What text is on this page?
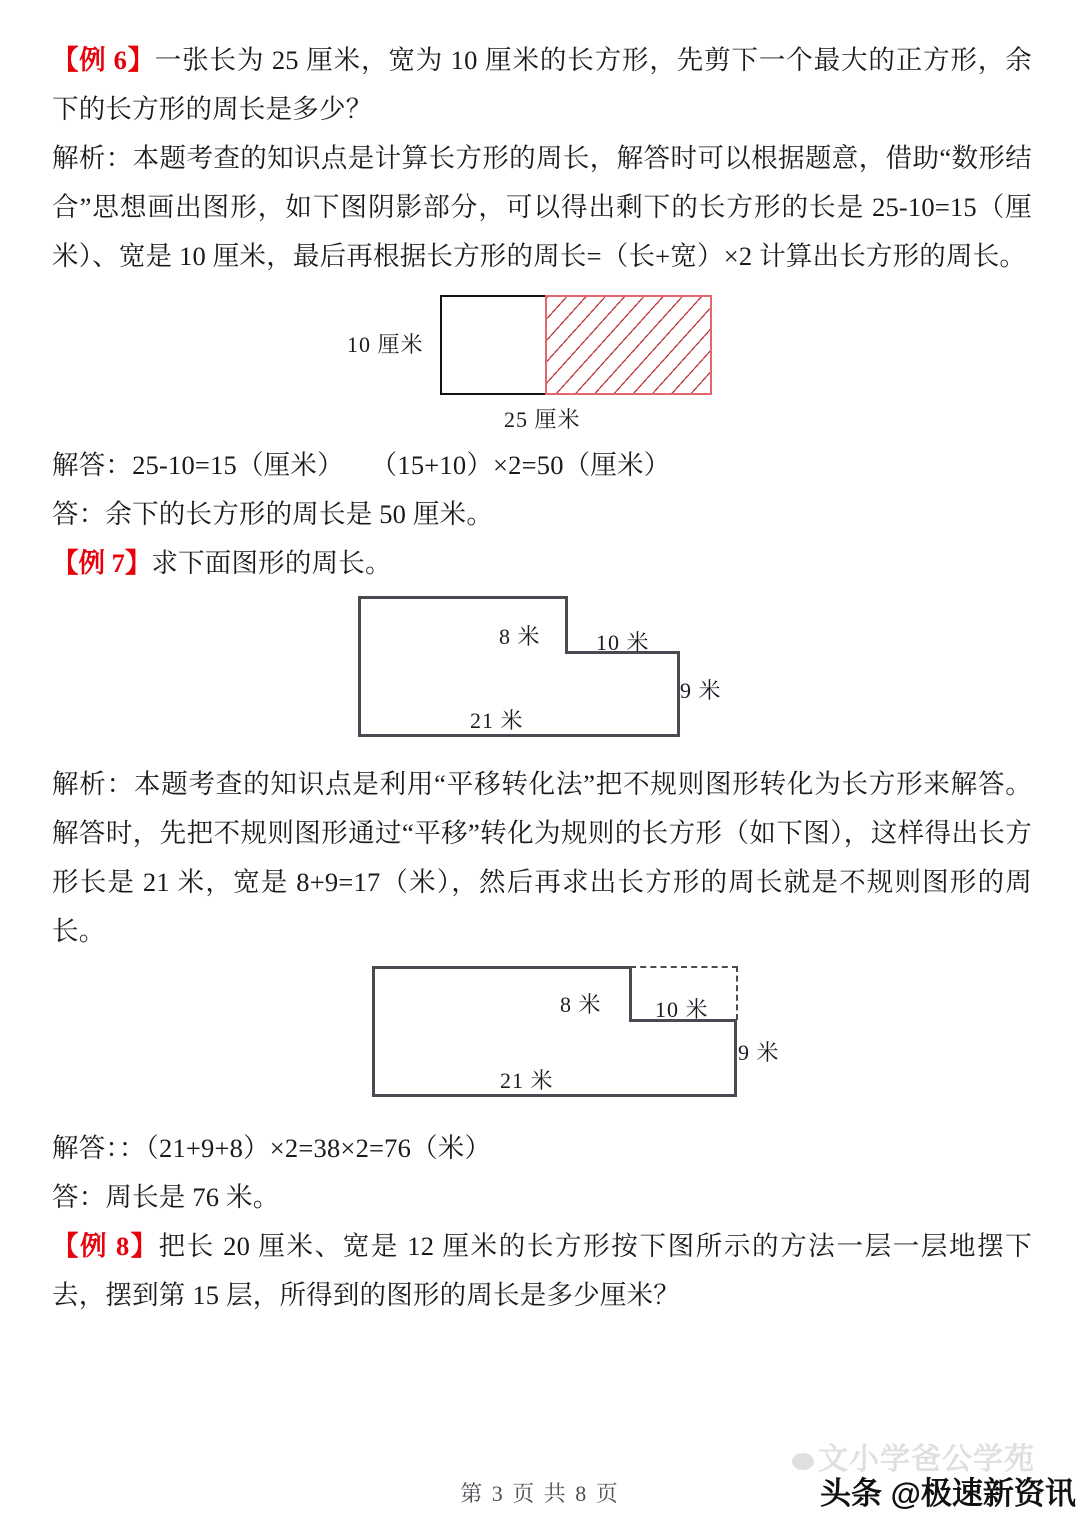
【例 6】一张长为 25 厘米，宽为 10 厘米的长方形，先剪下一个最大的正方形，余下的长方形的周长是多少？

解析：本题考查的知识点是计算长方形的周长，解答时可以根据题意，借助“数形结合”思想画出图形，如下图阴影部分，可以得出剩下的长方形的长是 25-10=15（厘米）、宽是 10 厘米，最后再根据长方形的周长=（长+宽）×2 计算出长方形的周长。

10 厘米
25 厘米

解答：25-10=15（厘米）　　（15+10）×2=50（厘米）

答：余下的长方形的周长是 50 厘米。

【例 7】求下面图形的周长。

8 米	10 米
9 米
21 米

解析：本题考查的知识点是利用“平移转化法”把不规则图形转化为长方形来解答。解答时，先把不规则图形通过“平移”转化为规则的长方形（如下图），这样得出长方形长是 21 米，宽是 8+9=17（米），然后再求出长方形的周长就是不规则图形的周长。

8 米 10 米
9 米
21 米

解答：：（21+9+8）×2=38×2=76（米）

答：周长是 76 米。

【例 8】把长 20 厘米、宽是 12 厘米的长方形按下图所示的方法一层一层地摆下去，摆到第 15 层，所得到的图形的周长是多少厘米？

第 3 页 共 8 页
文小学爸公学苑
头条 @极速新资讯
